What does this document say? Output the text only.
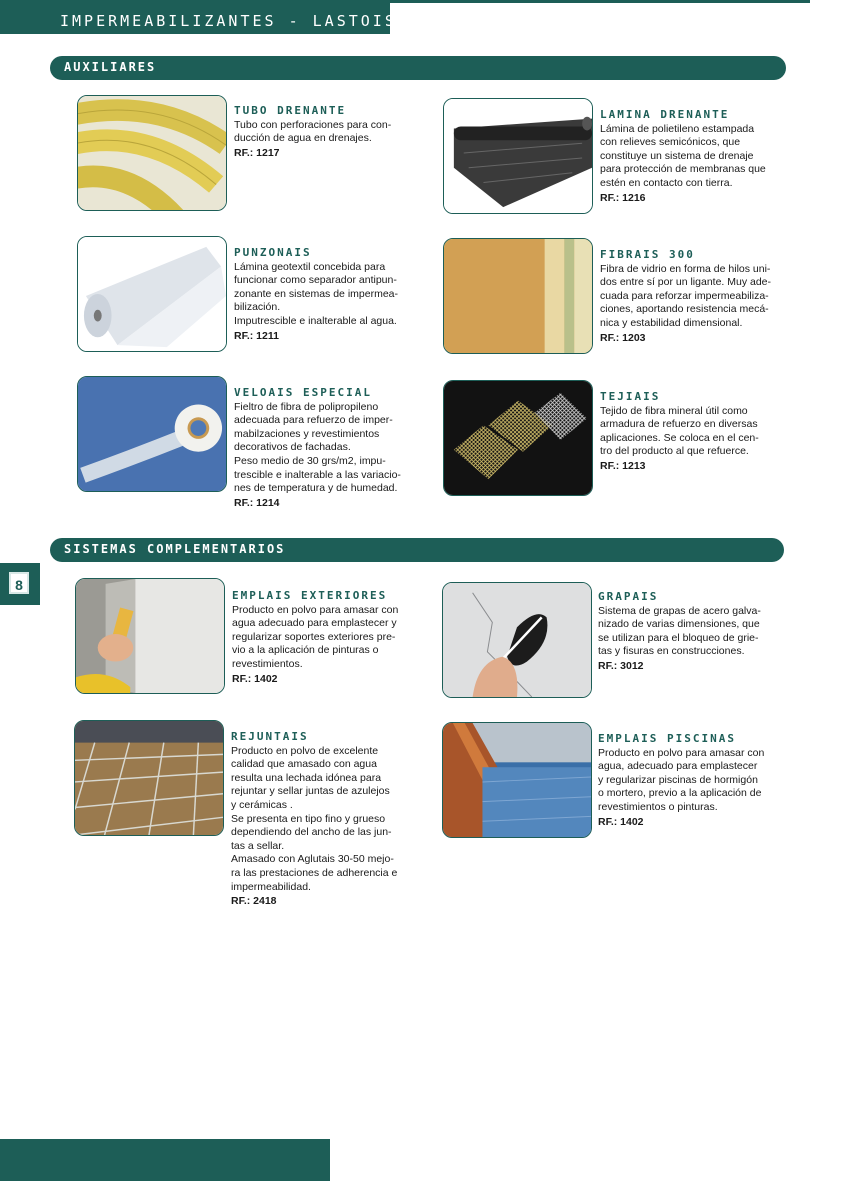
IMPERMEABILIZANTES - LASTOIS
AUXILIARES
SISTEMAS COMPLEMENTARIOS
8
TUBO DRENANTE

Tubo con perforaciones para con-
ducción de agua en drenajes.

RF.: 1217
LAMINA DRENANTE

Lámina de polietileno estampada
con relieves semicónicos, que
constituye un sistema de drenaje
para protección de membranas que
estén en contacto con tierra.

RF.: 1216
PUNZONAIS

Lámina geotextil concebida para
funcionar como separador antipun-
zonante en sistemas de impermea-
bilización.

Imputrescible e inalterable al agua.

RF.: 1211
FIBRAIS 300

Fibra de vidrio en forma de hilos uni-
dos entre sí por un ligante. Muy ade-
cuada para reforzar impermeabiliza-
ciones, aportando resistencia mecá-
nica y estabilidad dimensional.

RF.: 1203
VELOAIS ESPECIAL

Fieltro de fibra de polipropileno
adecuada para refuerzo de imper-
mabilzaciones y revestimientos
decorativos de fachadas.

Peso medio de 30 grs/m2, impu-
trescible e inalterable a las variacio-
nes de temperatura y de humedad.

RF.: 1214
TEJIAIS

Tejido de fibra mineral útil como
armadura de refuerzo en diversas
aplicaciones. Se coloca en el cen-
tro del producto al que refuerce.

RF.: 1213
EMPLAIS EXTERIORES

Producto en polvo para amasar con
agua adecuado para emplastecer y
regularizar soportes exteriores pre-
vio a la aplicación de pinturas o
revestimientos.

RF.: 1402
GRAPAIS

Sistema de grapas de acero galva-
nizado de varias dimensiones, que
se utilizan para el bloqueo de grie-
tas y fisuras en construcciones.

RF.: 3012
REJUNTAIS

Producto en polvo de excelente
calidad que amasado con agua
resulta una lechada idónea para
rejuntar y sellar juntas de azulejos
y cerámicas .

Se presenta en tipo fino y grueso
dependiendo del ancho de las jun-
tas a sellar.

Amasado con Aglutais 30-50 mejo-
ra las prestaciones de adherencia e
impermeabilidad.

RF.: 2418
EMPLAIS PISCINAS

Producto en polvo para amasar con
agua, adecuado para emplastecer
y regularizar piscinas de hormigón
o mortero, previo a la aplicación de
revestimientos o pinturas.

RF.: 1402
